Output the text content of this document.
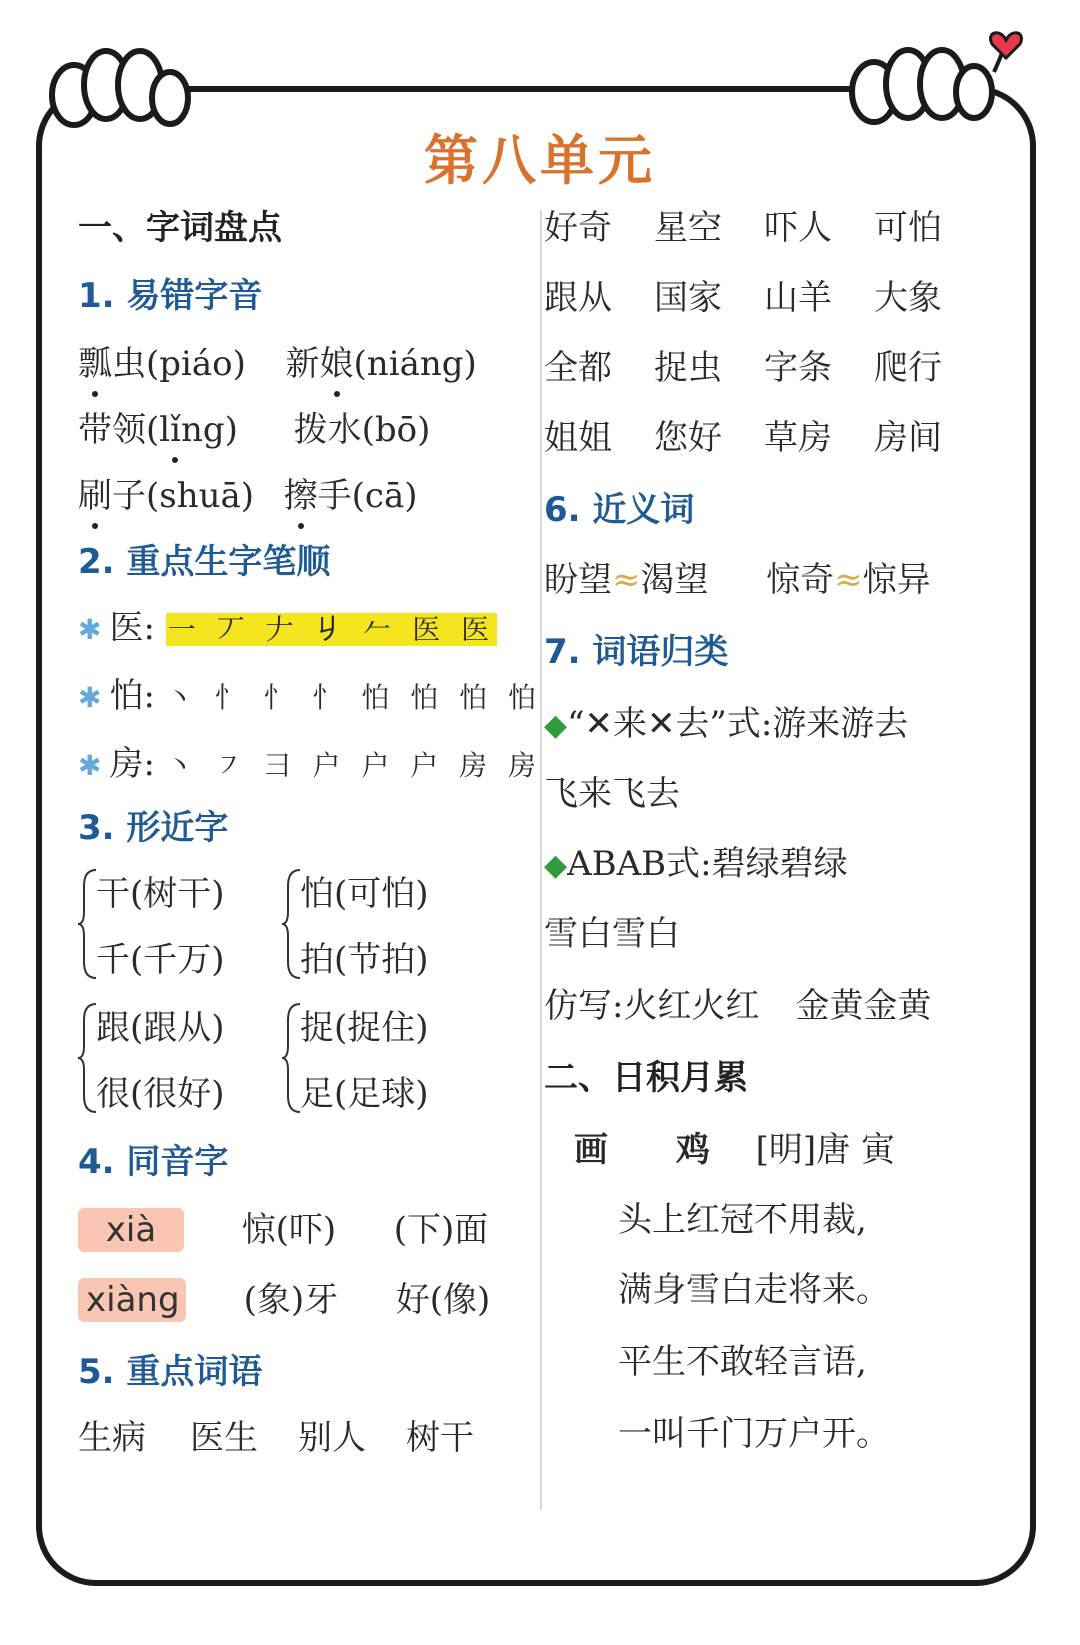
第八单元
一、字词盘点
1. 易错字音
瓢虫(piáo) 新娘(niáng)
带领(lǐng) 拨水(bō)
刷子(shuā) 擦手(cā)
2. 重点生字笔顺
✱ 医: 一 丆 𠂇 𠂈 𠂉 医 医
✱ 怕: 丶 忄 忄 忄 怕 怕 怕 怕
✱ 房: 丶 ㇇ 彐 户 户 户 房 房
3. 形近字
干(树干)
千(千万)
怕(可怕)
拍(节拍)
跟(跟从)
很(很好)
捉(捉住)
足(足球)
4. 同音字
xià	惊(吓) (下)面
xiàng (象)牙 好(像)
5. 重点词语
生病 医生 别人 树干
好奇 星空 吓人 可怕
跟从 国家 山羊 大象
全都 捉虫 字条 爬行
姐姐 您好 草房 房间
6. 近义词
盼望≈渴望 惊奇≈惊异
7. 词语归类
◆“✕来✕去”式:游来游去
飞来飞去
◆ABAB式:碧绿碧绿
雪白雪白
仿写:火红火红 金黄金黄
二、日积月累
画　　鸡 [明]唐 寅
头上红冠不用裁,
满身雪白走将来。
平生不敢轻言语,
一叫千门万户开。
